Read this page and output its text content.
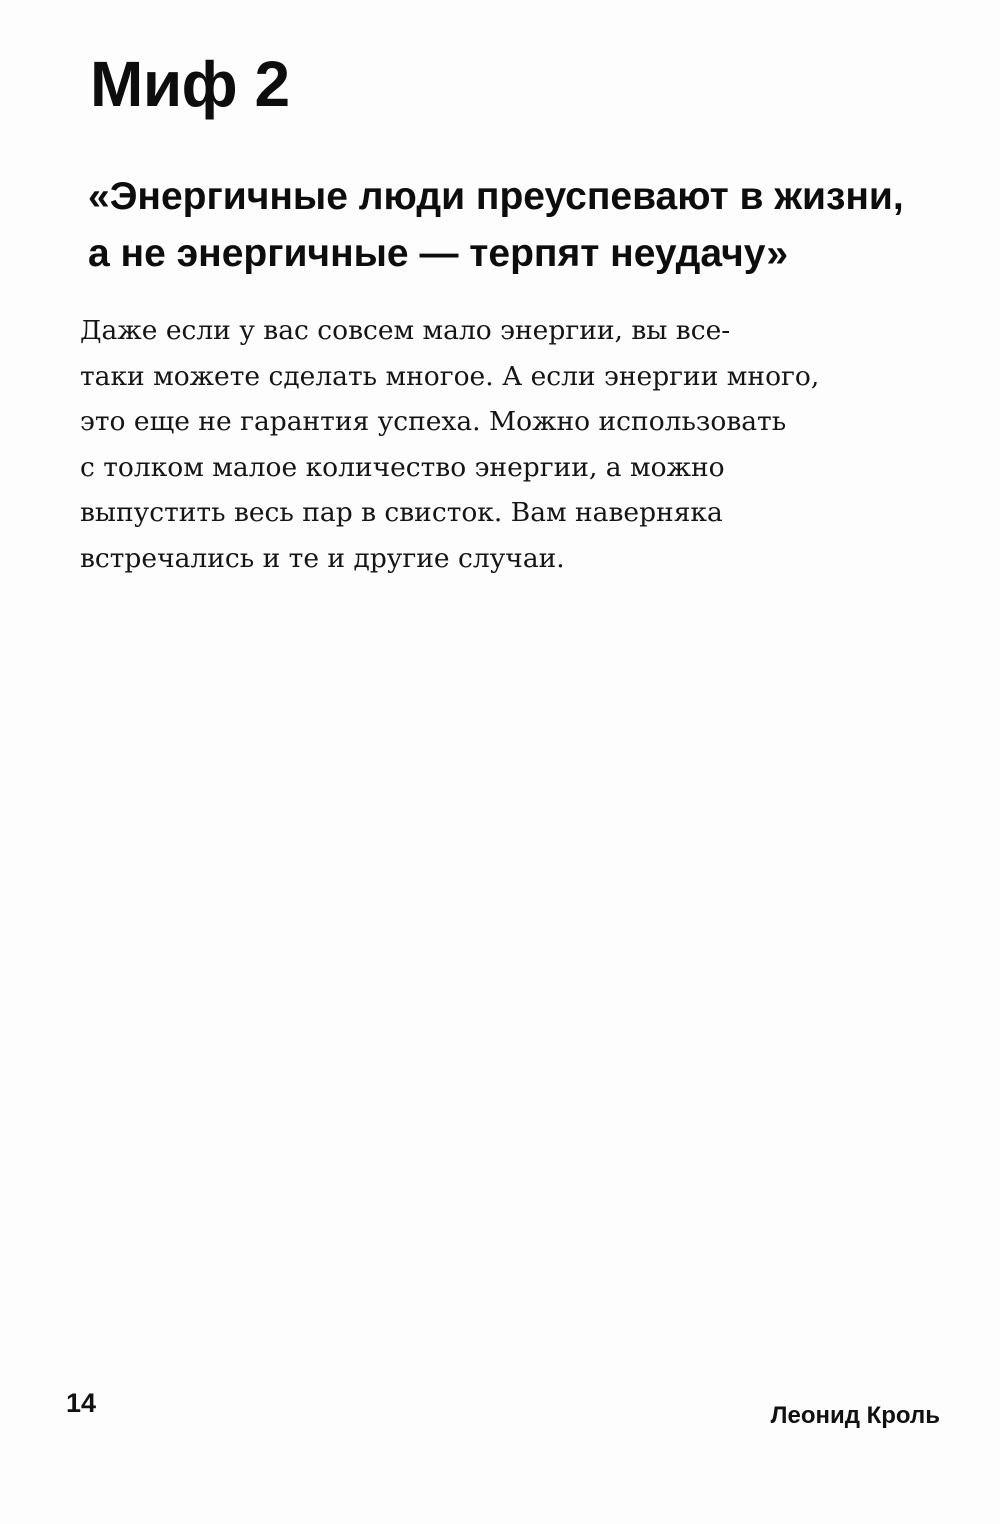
Миф 2
«Энергичные люди преуспевают в жизни,
а не энергичные — терпят неудачу»
Даже если у вас совсем мало энергии, вы все-
таки можете сделать многое. А если энергии много,
это еще не гарантия успеха. Можно использовать
с толком малое количество энергии, а можно
выпустить весь пар в свисток. Вам наверняка
встречались и те и другие случаи.
14	Леонид Кроль
